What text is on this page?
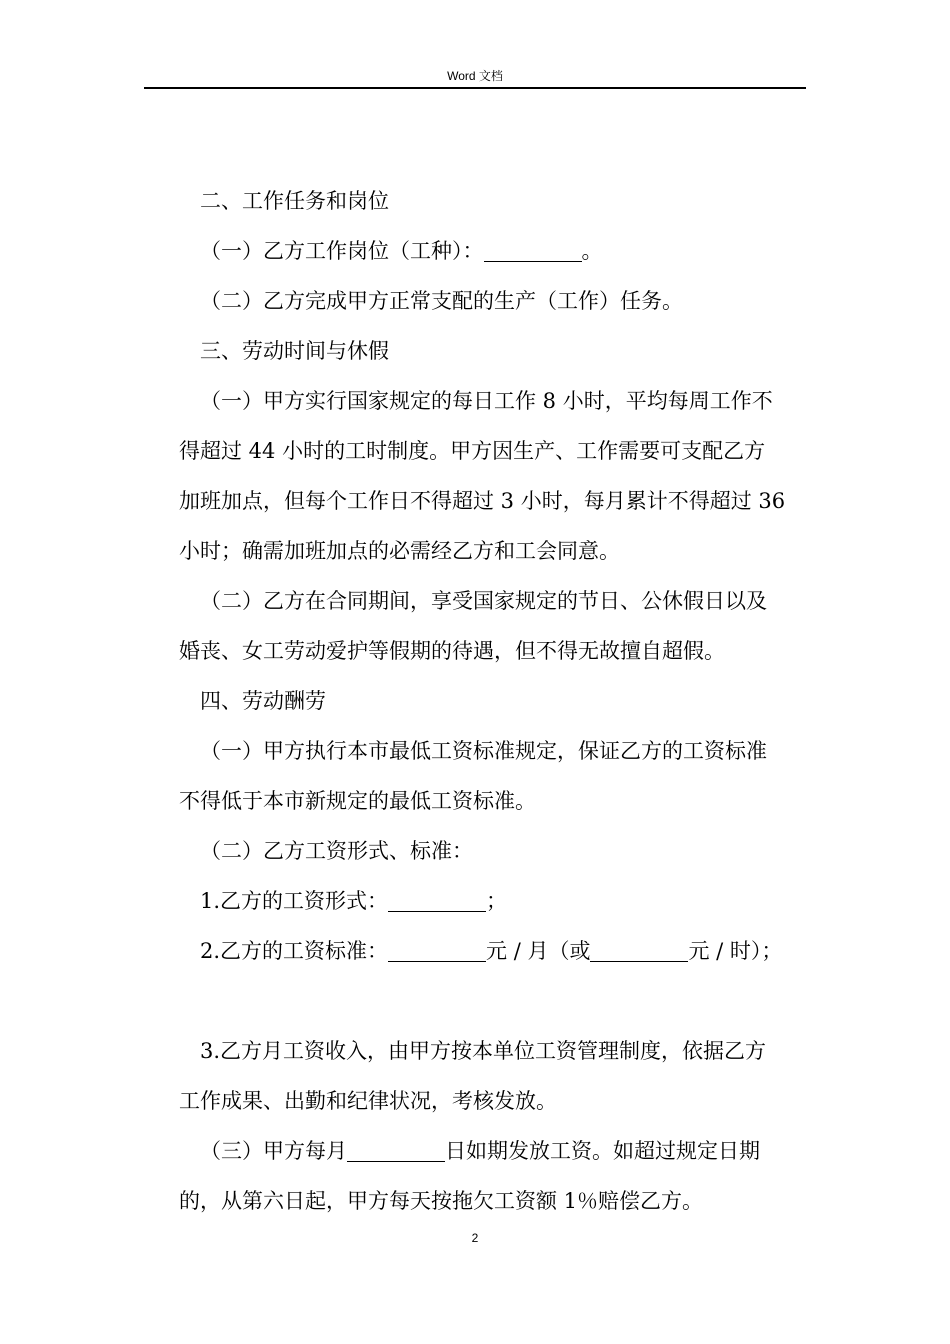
Word 文档
二、工作任务和岗位
（一）乙方工作岗位（工种）：	。
（二）乙方完成甲方正常支配的生产（工作）任务。
三、劳动时间与休假
（一）甲方实行国家规定的每日工作 8 小时，平均每周工作不
得超过 44 小时的工时制度。甲方因生产、工作需要可支配乙方
加班加点，但每个工作日不得超过 3 小时，每月累计不得超过 36
小时；确需加班加点的必需经乙方和工会同意。
（二）乙方在合同期间，享受国家规定的节日、公休假日以及
婚丧、女工劳动爱护等假期的待遇，但不得无故擅自超假。
四、劳动酬劳
（一）甲方执行本市最低工资标准规定，保证乙方的工资标准
不得低于本市新规定的最低工资标准。
（二）乙方工资形式、标准：
1.乙方的工资形式：	；
2.乙方的工资标准：	元 / 月（或	元 / 时）；
3.乙方月工资收入，由甲方按本单位工资管理制度，依据乙方
工作成果、出勤和纪律状况，考核发放。
（三）甲方每月	日如期发放工资。如超过规定日期
的，从第六日起，甲方每天按拖欠工资额 1％赔偿乙方。
2
